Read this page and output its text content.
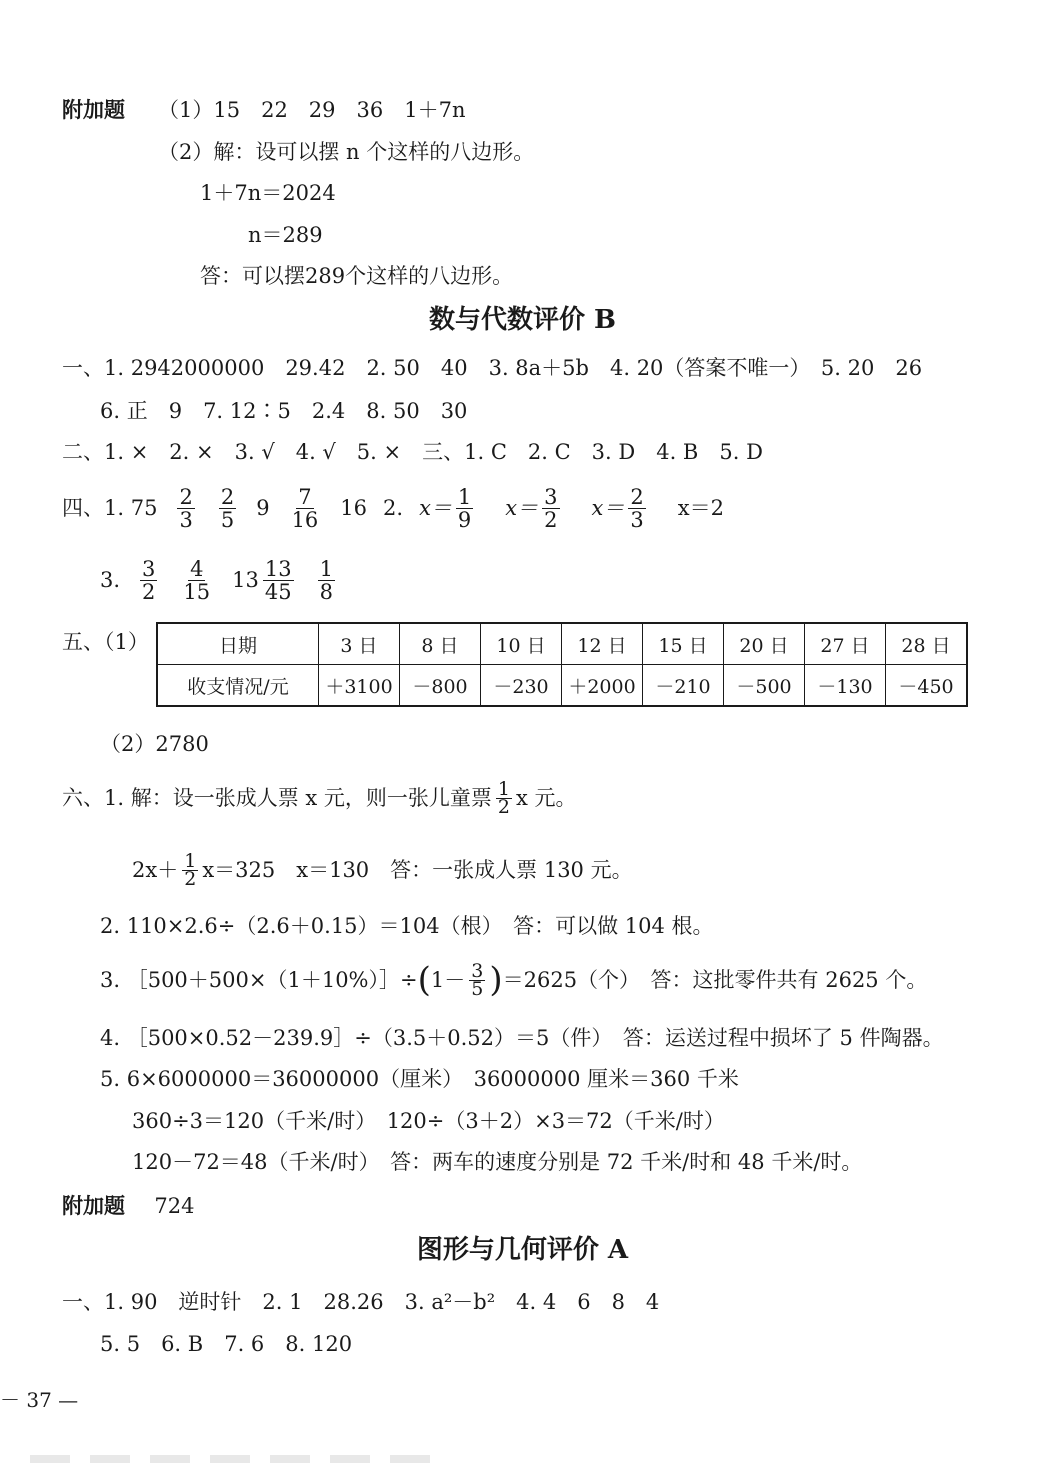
附加题 （1）15　22　29　36　1＋7n
（2）解：设可以摆 n 个这样的八边形。
1＋7n＝2024
n＝289
答：可以摆289个这样的八边形。
数与代数评价 B
一、1. 2942000000　29.42　2. 50　40　3. 8a＋5b　4. 20（答案不唯一）　5. 20　26
6. 正　9　7. 12∶5　2.4　8. 50　30
二、1. ×　2. ×　3. √　4. √　5. ×　三、1. C　2. C　3. D　4. B　5. D
四、1. $75 \frac{2}{3} \frac{2}{5} 9 \frac{7}{16} 16$ 2. $x= \frac{1}{9} x= \frac{3}{2} x= \frac{2}{3} x=2$
3. $\frac{3}{2} \frac{4}{15} 13 \frac{13}{45} \frac{1}{8}$
五、（1）	日期	3 日	8 日	10 日	12 日	15 日	20 日	27 日	28 日
收支情况/元	＋3100	－800	－230	＋2000	－210	－500	－130	－450
（2）2780
六、1. 解：设一张成人票 x 元，则一张儿童票 $\frac{1}{2}$ x 元。
$2x+ \frac{1}{2} x=325$　x＝130　答：一张成人票 130 元。
2. 110×2.6÷（2.6＋0.15）＝104（根）　答：可以做 104 根。
3. ［500＋500×（1＋10%）］÷ ( $1- \frac{3}{5}$ ) ＝2625（个）　答：这批零件共有 2625 个。
4. ［500×0.52－239.9］÷（3.5＋0.52）＝5（件）　答：运送过程中损坏了 5 件陶器。
5. 6×6000000＝36000000（厘米）　36000000 厘米＝360 千米
360÷3＝120（千米/时）　120÷（3＋2）×3＝72（千米/时）
120－72＝48（千米/时）　答：两车的速度分别是 72 千米/时和 48 千米/时。
附加题 724
图形与几何评价 A
一、1. 90　逆时针　2. 1　28.26　3. a²－b²　4. 4　6　8　4
5. 5　6. B　7. 6　8. 120
－ 37 —
